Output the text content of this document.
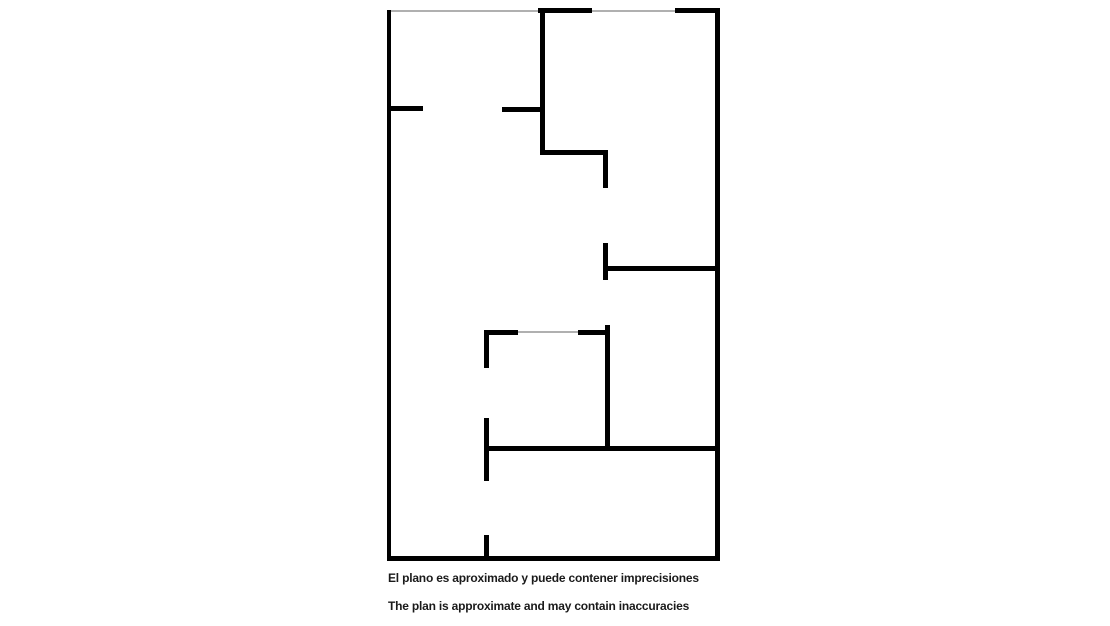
El plano es aproximado y puede contener imprecisiones
The plan is approximate and may contain inaccuracies
